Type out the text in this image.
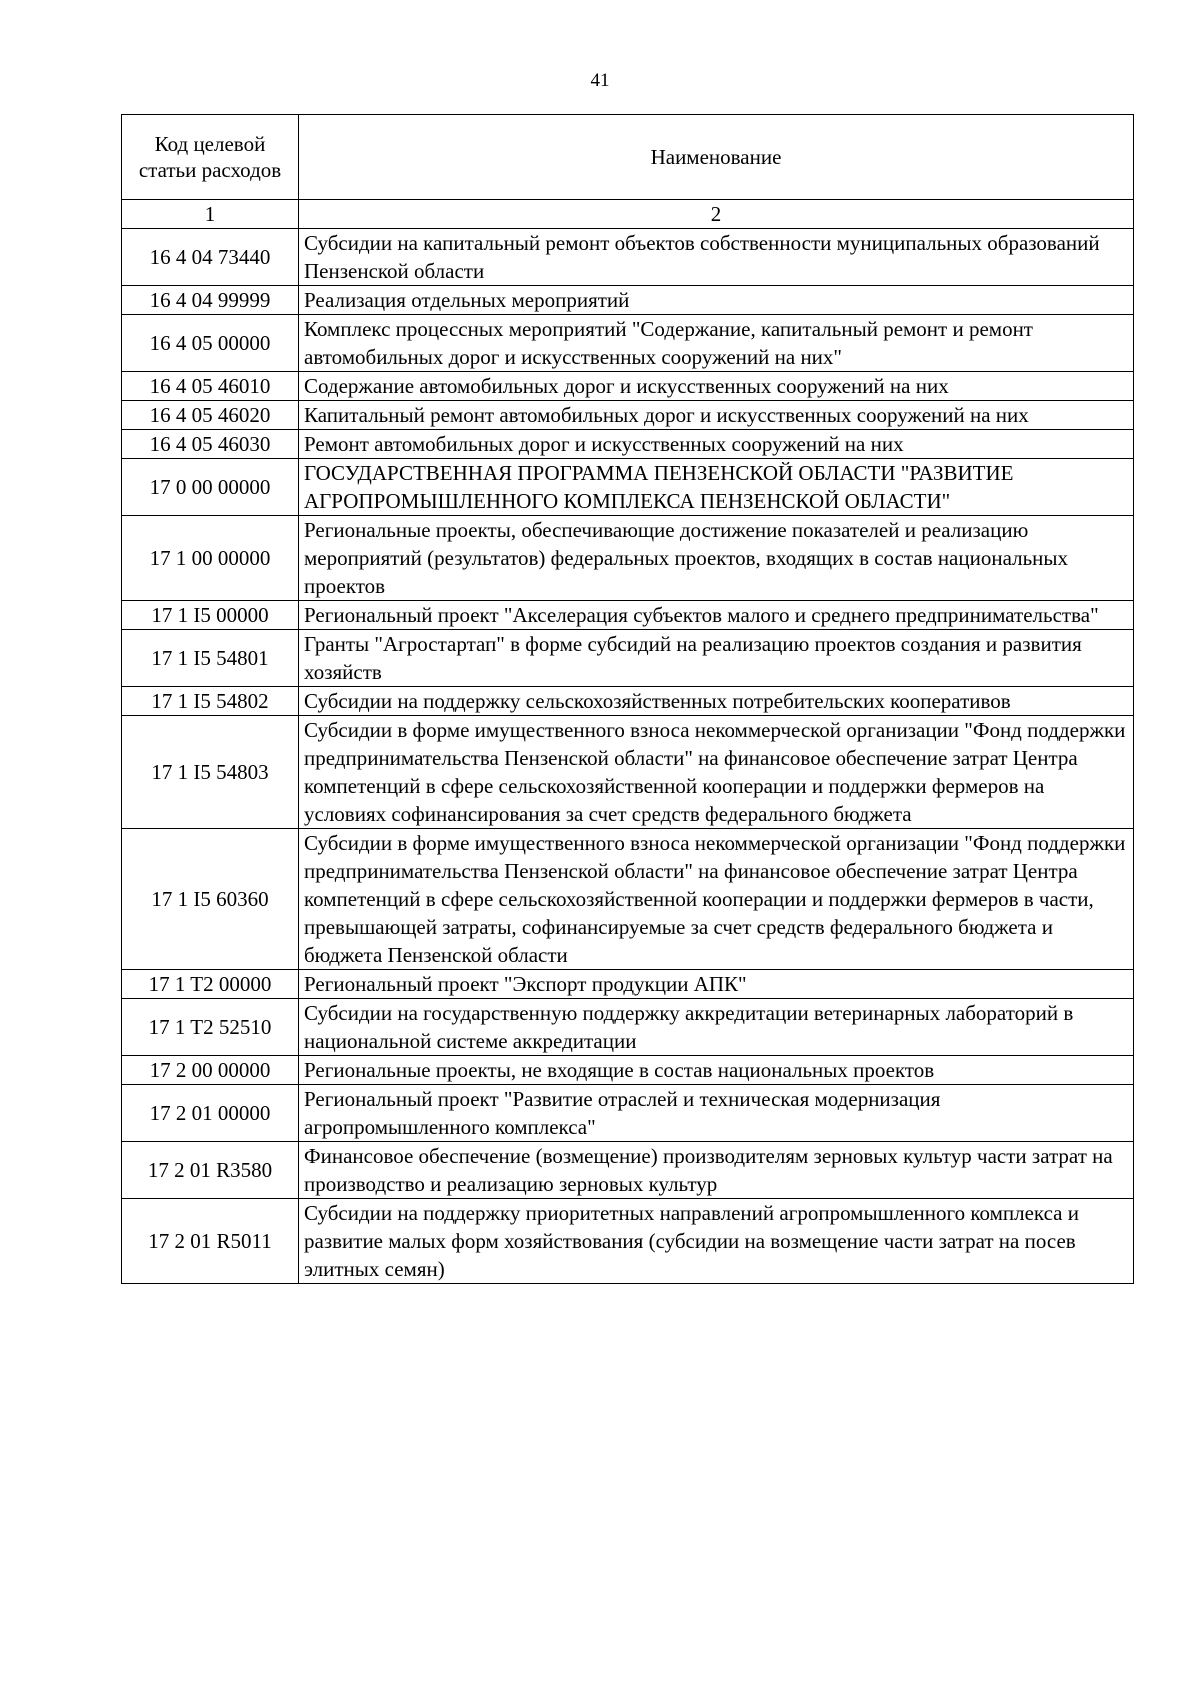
41
Код целевой статьи расходов	Наименование
1	2
16 4 04 73440	Субсидии на капитальный ремонт объектов собственности муниципальных образований Пензенской области
16 4 04 99999	Реализация отдельных мероприятий
16 4 05 00000	Комплекс процессных мероприятий "Содержание, капитальный ремонт и ремонт автомобильных дорог и искусственных сооружений на них"
16 4 05 46010	Содержание автомобильных дорог и искусственных сооружений на них
16 4 05 46020	Капитальный ремонт автомобильных дорог и искусственных сооружений на них
16 4 05 46030	Ремонт автомобильных дорог и искусственных сооружений на них
17 0 00 00000	ГОСУДАРСТВЕННАЯ ПРОГРАММА ПЕНЗЕНСКОЙ ОБЛАСТИ "РАЗВИТИЕ АГРОПРОМЫШЛЕННОГО КОМПЛЕКСА ПЕНЗЕНСКОЙ ОБЛАСТИ"
17 1 00 00000	Региональные проекты, обеспечивающие достижение показателей и реализацию мероприятий (результатов) федеральных проектов, входящих в состав национальных проектов
17 1 I5 00000	Региональный проект "Акселерация субъектов малого и среднего предпринимательства"
17 1 I5 54801	Гранты "Агростартап" в форме субсидий на реализацию проектов создания и развития хозяйств
17 1 I5 54802	Субсидии на поддержку сельскохозяйственных потребительских кооперативов
17 1 I5 54803	Субсидии в форме имущественного взноса некоммерческой организации "Фонд поддержки предпринимательства Пензенской области" на финансовое обеспечение затрат Центра компетенций в сфере сельскохозяйственной кооперации и поддержки фермеров на условиях софинансирования за счет средств федерального бюджета
17 1 I5 60360	Субсидии в форме имущественного взноса некоммерческой организации "Фонд поддержки предпринимательства Пензенской области" на финансовое обеспечение затрат Центра компетенций в сфере сельскохозяйственной кооперации и поддержки фермеров в части, превышающей затраты, софинансируемые за счет средств федерального бюджета и бюджета Пензенской области
17 1 T2 00000	Региональный проект "Экспорт продукции АПК"
17 1 T2 52510	Субсидии на государственную поддержку аккредитации ветеринарных лабораторий в национальной системе аккредитации
17 2 00 00000	Региональные проекты, не входящие в состав национальных проектов
17 2 01 00000	Региональный проект "Развитие отраслей и техническая модернизация агропромышленного комплекса"
17 2 01 R3580	Финансовое обеспечение (возмещение) производителям зерновых культур части затрат на производство и реализацию зерновых культур
17 2 01 R5011	Субсидии на поддержку приоритетных направлений агропромышленного комплекса и развитие малых форм хозяйствования (субсидии на возмещение части затрат на посев элитных семян)
